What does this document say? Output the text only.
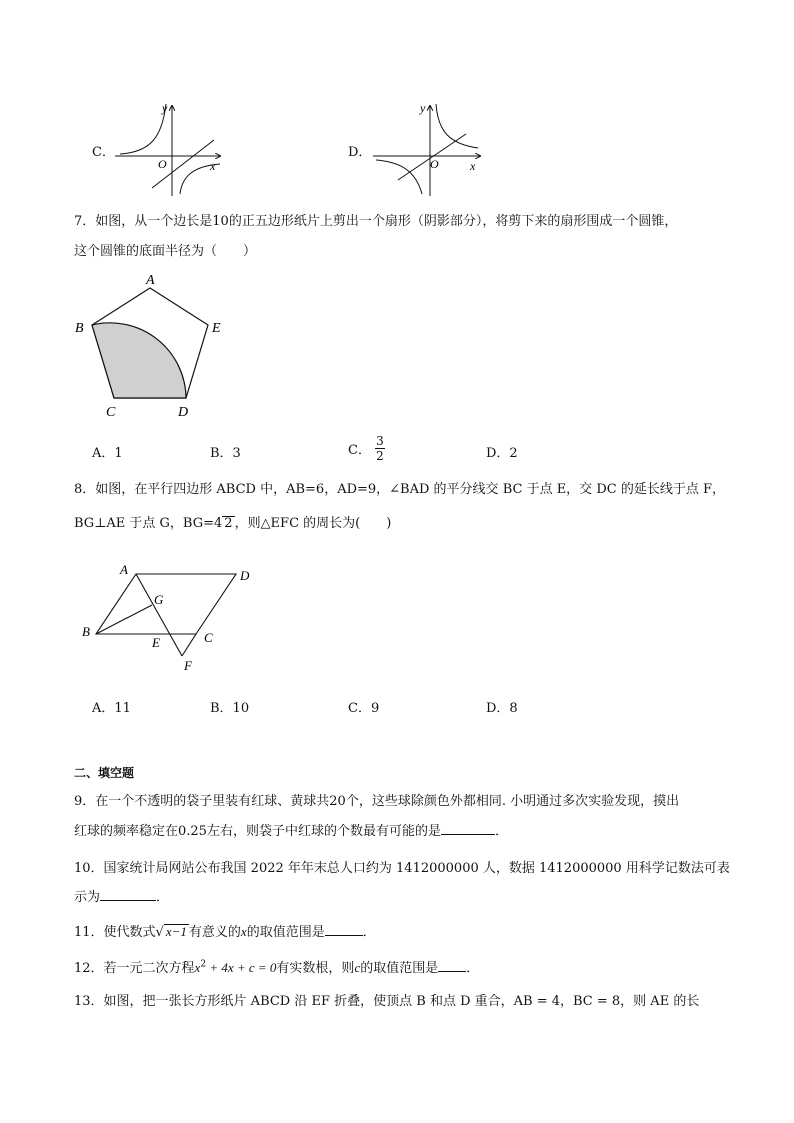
C．
y
x
O
D．
y
x
O
7．如图，从一个边长是10的正五边形纸片上剪出一个扇形（阴影部分），将剪下来的扇形围成一个圆锥，
这个圆锥的底面半径为（　　）
A
B	E
C	D
A．1	B．3	C． $\frac{3}{2}$	D．2
8．如图，在平行四边形 ABCD 中，AB=6，AD=9，∠BAD 的平分线交 BC 于点 E，交 DC 的延长线于点 F，
BG⊥AE 于点 G，BG=4 2 ，则△EFC 的周长为(　　)
A	D
B	C
G
E
F
A．11	B．10	C．9	D．8
二、填空题
9．在一个不透明的袋子里装有红球、黄球共20个，这些球除颜色外都相同. 小明通过多次实验发现，摸出
红球的频率稳定在0.25左右，则袋子中红球的个数最有可能的是	．
10．国家统计局网站公布我国 2022 年年末总人口约为 1412000000 人，数据 1412000000 用科学记数法可表
示为	．
11．使代数式√ x−1 有意义的x的取值范围是	．
12．若一元二次方程$x^2 + 4x + c = 0$有实数根，则c的取值范围是 ．
13．如图，把一张长方形纸片 ABCD 沿 EF 折叠，使顶点 B 和点 D 重合，AB = 4，BC = 8，则 AE 的长
